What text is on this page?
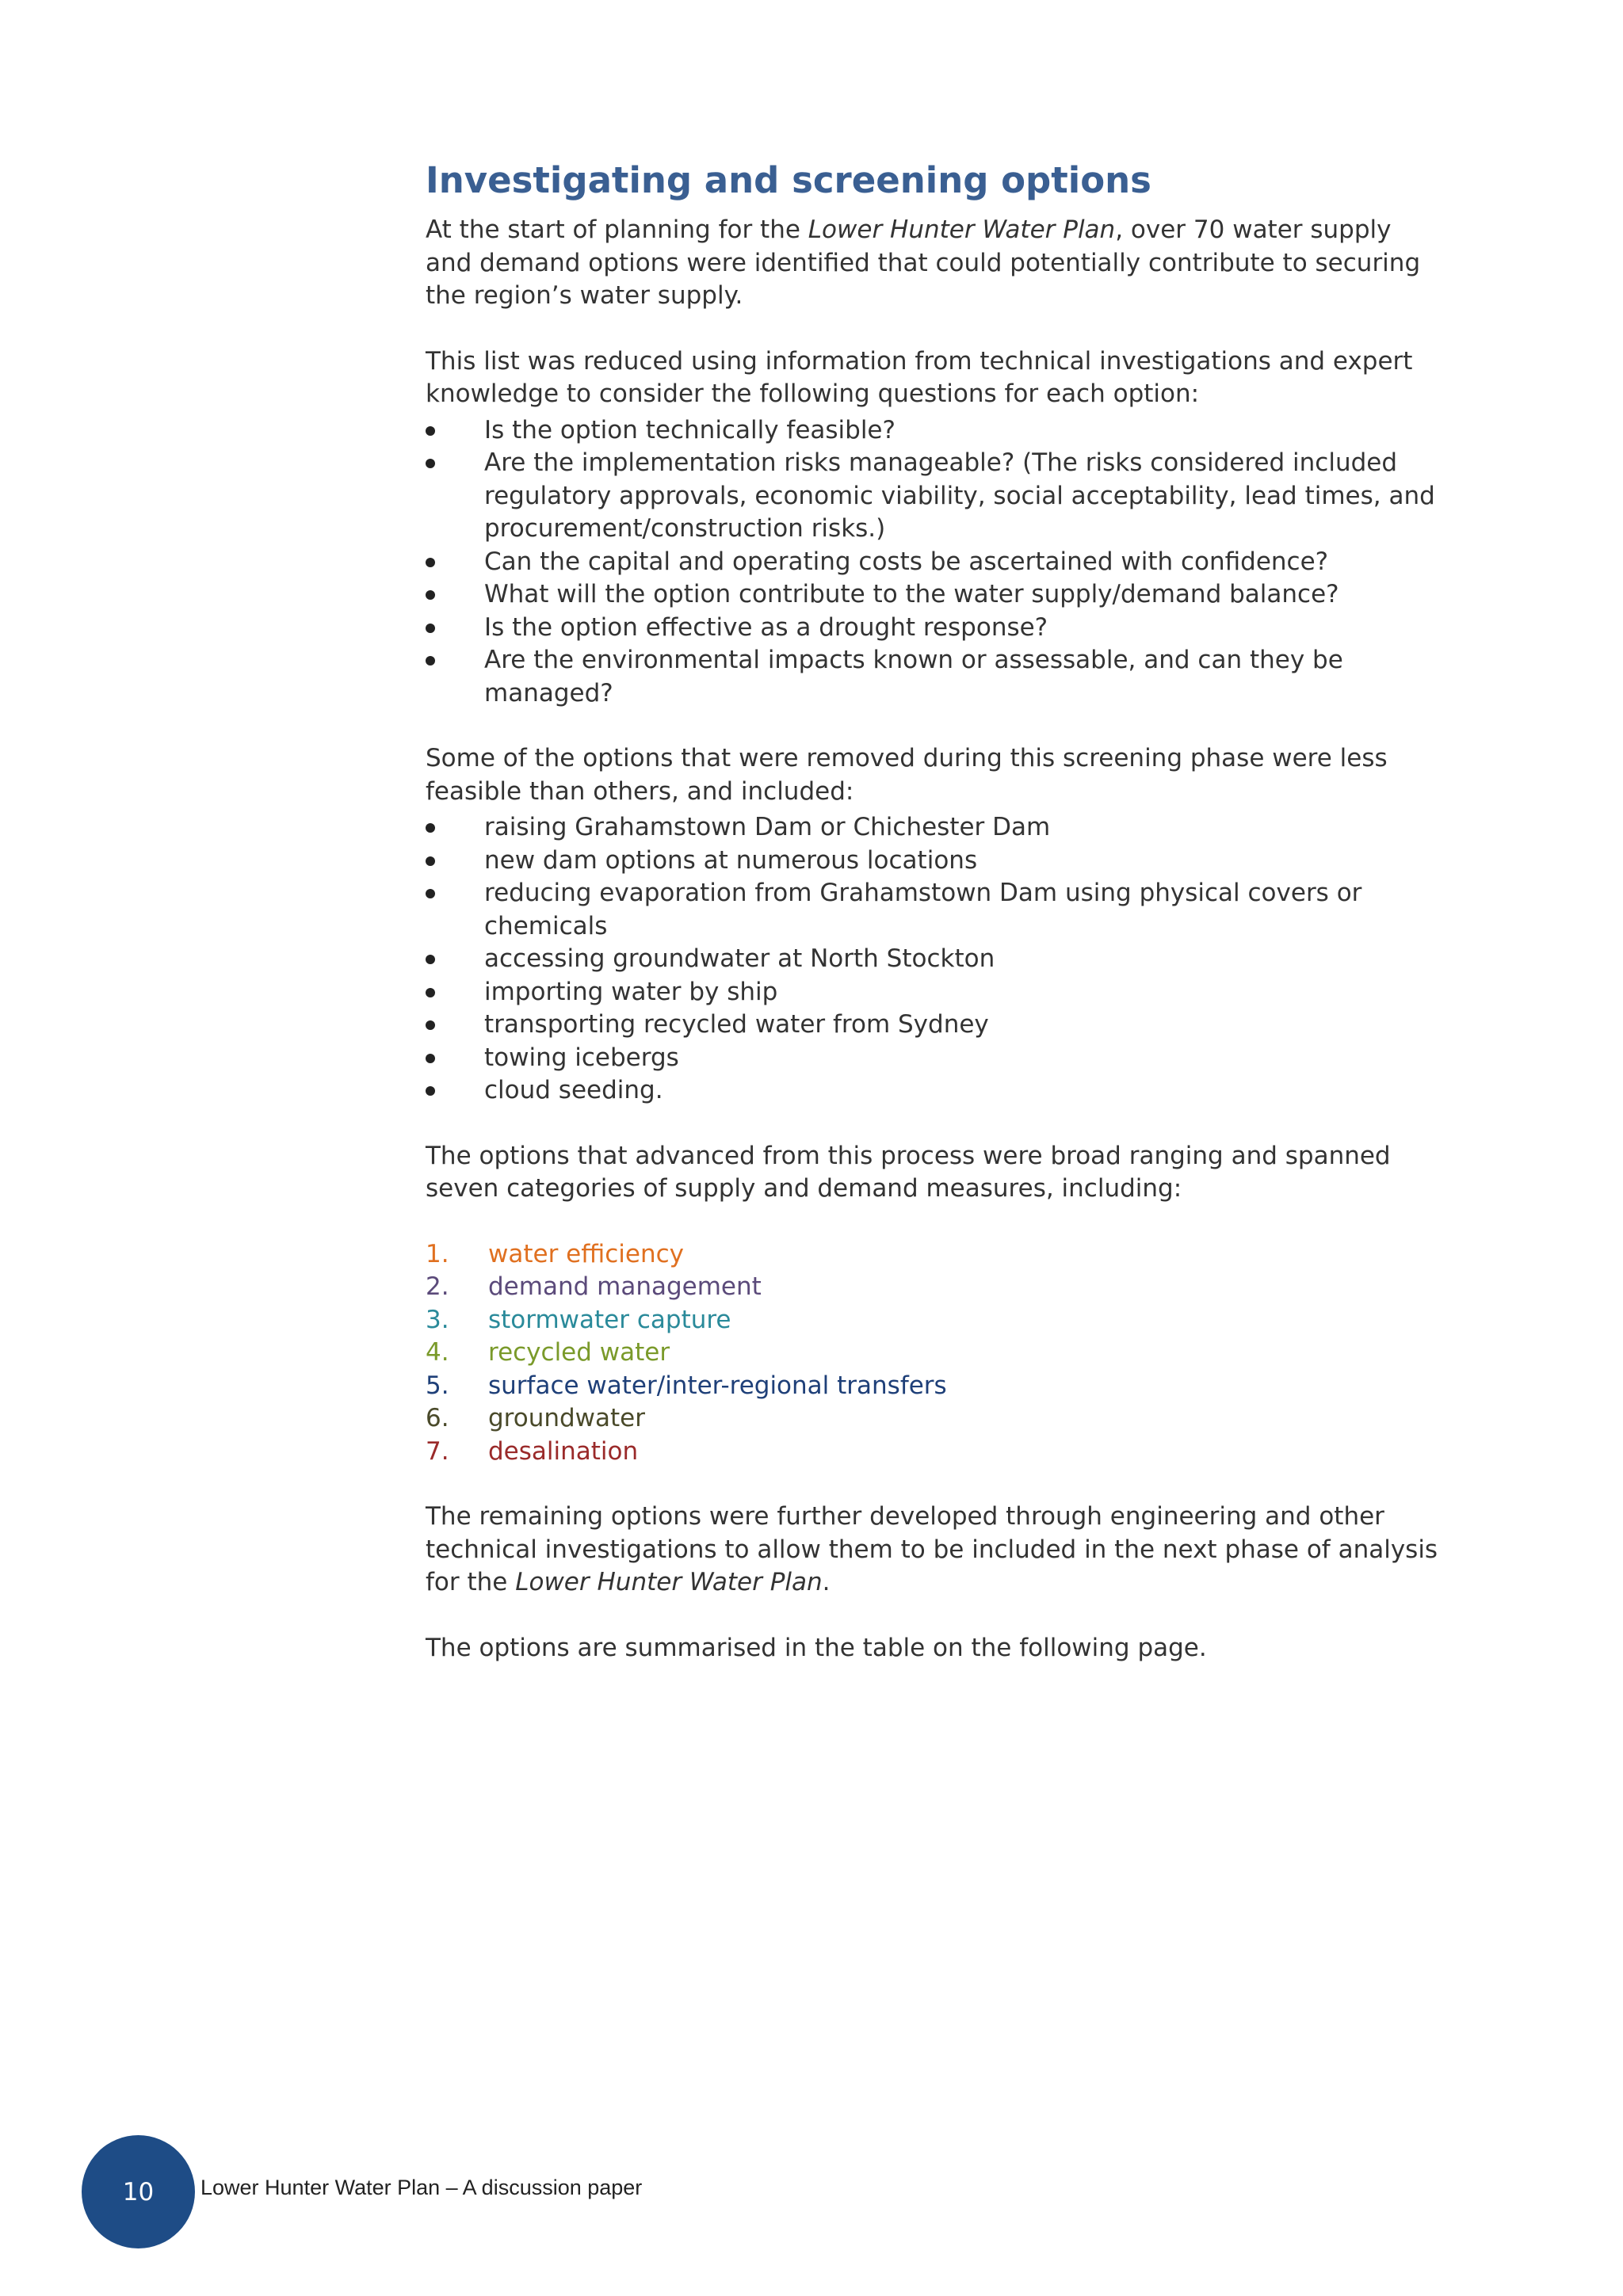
Investigating and screening options

At the start of planning for the Lower Hunter Water Plan, over 70 water supply and demand options were identified that could potentially contribute to securing the region’s water supply.

This list was reduced using information from technical investigations and expert knowledge to consider the following questions for each option:

Is the option technically feasible?
Are the implementation risks manageable? (The risks considered included regulatory approvals, economic viability, social acceptability, lead times, and procurement/construction risks.)
Can the capital and operating costs be ascertained with confidence?
What will the option contribute to the water supply/demand balance?
Is the option effective as a drought response?
Are the environmental impacts known or assessable, and can they be managed?

Some of the options that were removed during this screening phase were less feasible than others, and included:

raising Grahamstown Dam or Chichester Dam
new dam options at numerous locations
reducing evaporation from Grahamstown Dam using physical covers or chemicals
accessing groundwater at North Stockton
importing water by ship
transporting recycled water from Sydney
towing icebergs
cloud seeding.

The options that advanced from this process were broad ranging and spanned seven categories of supply and demand measures, including:

1. water efficiency
2. demand management
3. stormwater capture
4. recycled water
5. surface water/inter-regional transfers
6. groundwater
7. desalination

The remaining options were further developed through engineering and other technical investigations to allow them to be included in the next phase of analysis for the Lower Hunter Water Plan.

The options are summarised in the table on the following page.

10 Lower Hunter Water Plan – A discussion paper
